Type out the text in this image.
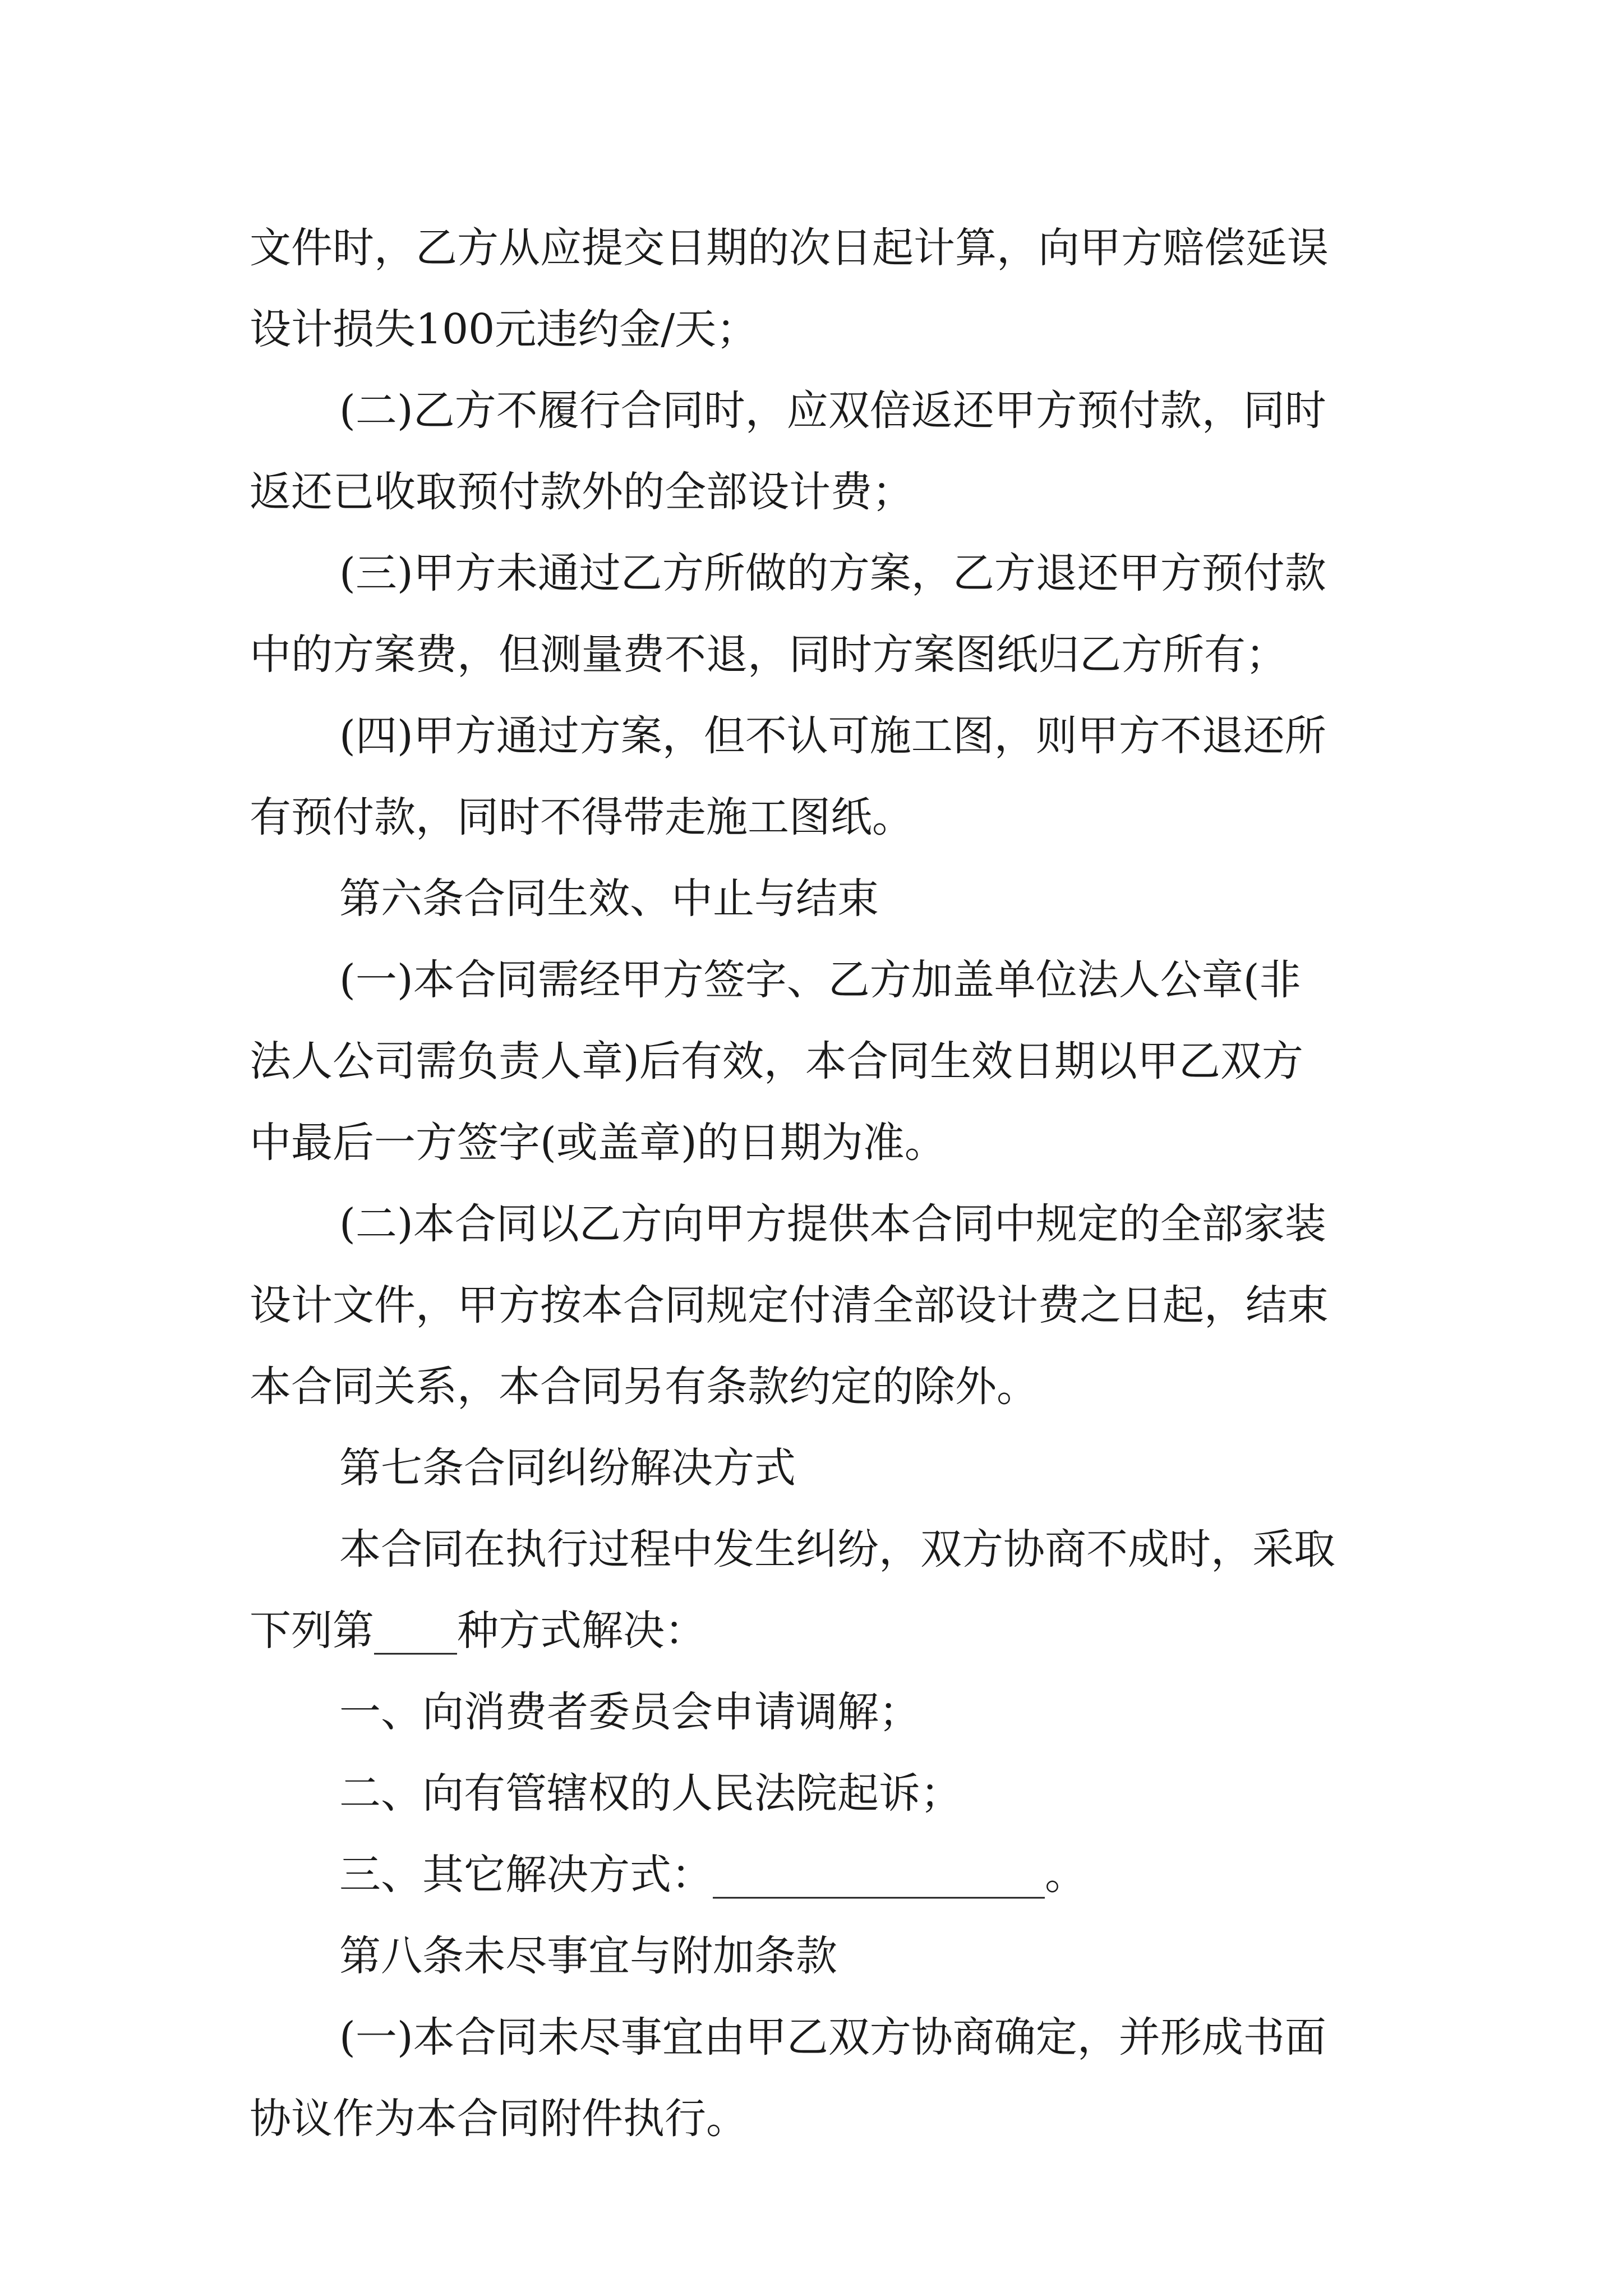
文件时，乙方从应提交日期的次日起计算，向甲方赔偿延误
设计损失100元违约金/天；
(二)乙方不履行合同时，应双倍返还甲方预付款，同时
返还已收取预付款外的全部设计费；
(三)甲方未通过乙方所做的方案，乙方退还甲方预付款
中的方案费，但测量费不退，同时方案图纸归乙方所有；
(四)甲方通过方案，但不认可施工图，则甲方不退还所
有预付款，同时不得带走施工图纸。
第六条合同生效、中止与结束
(一)本合同需经甲方签字、乙方加盖单位法人公章(非
法人公司需负责人章)后有效，本合同生效日期以甲乙双方
中最后一方签字(或盖章)的日期为准。
(二)本合同以乙方向甲方提供本合同中规定的全部家装
设计文件，甲方按本合同规定付清全部设计费之日起，结束
本合同关系，本合同另有条款约定的除外。
第七条合同纠纷解决方式
本合同在执行过程中发生纠纷，双方协商不成时，采取
下列第____种方式解决：
一、向消费者委员会申请调解；
二、向有管辖权的人民法院起诉；
三、其它解决方式：________________。
第八条未尽事宜与附加条款
(一)本合同未尽事宜由甲乙双方协商确定，并形成书面
协议作为本合同附件执行。
